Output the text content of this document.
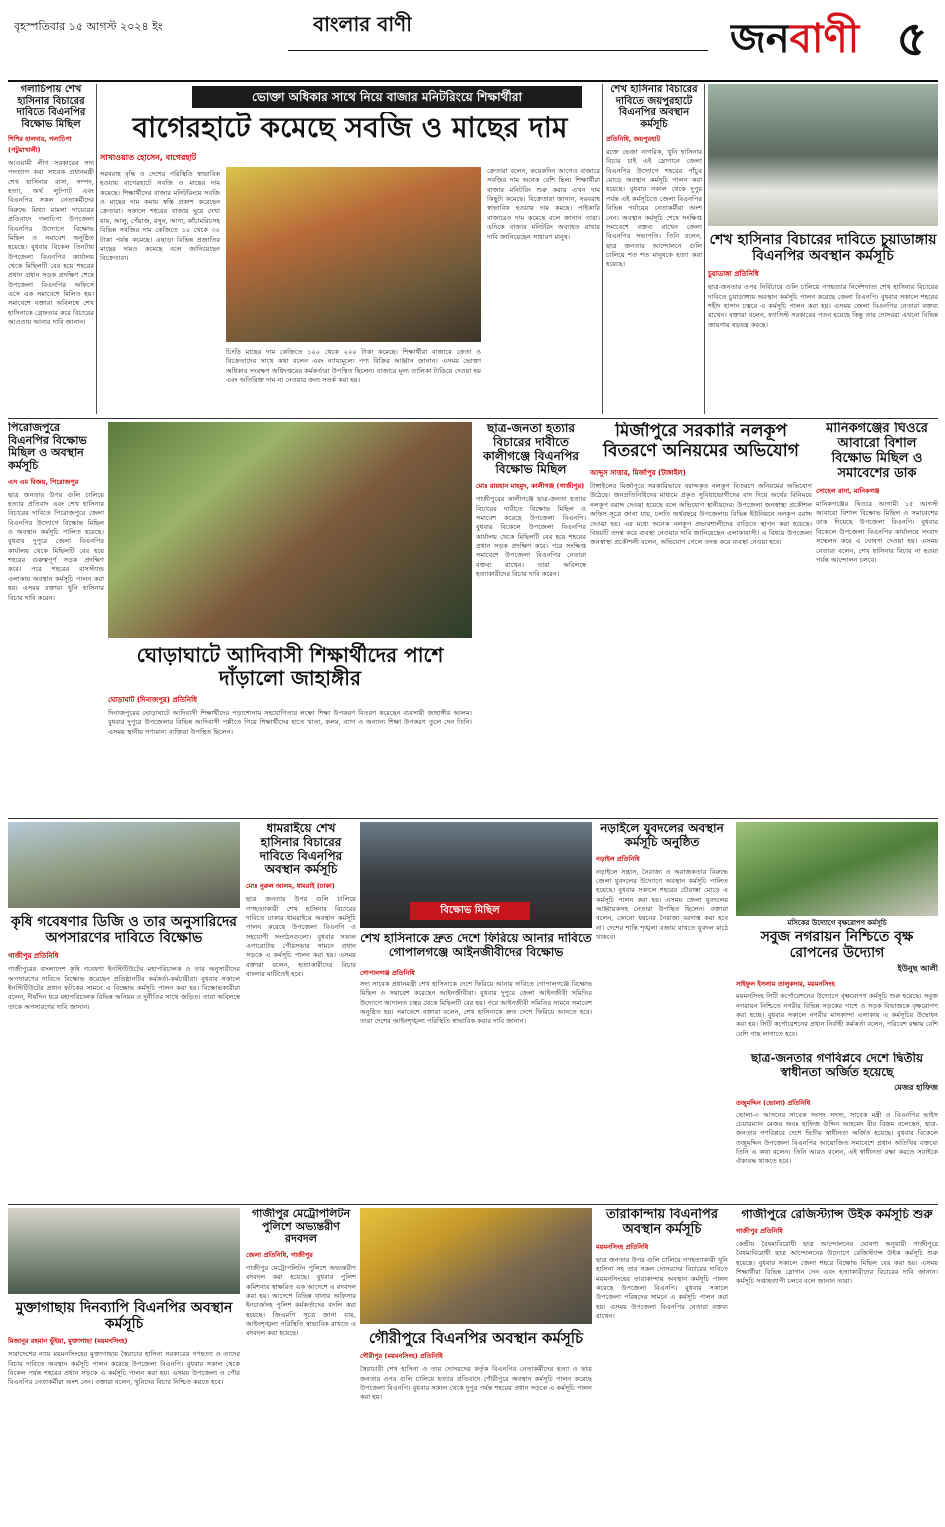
বৃহস্পতিবার ১৫ আগস্ট ২০২৪ ইং	বাংলার বাণী	জনবাণী ৫
গলাচিপায় শেখ হাসিনার বিচারের দাবিতে বিএনপির বিক্ষোভ মিছিল
শিশির হালদার, গলাচিপা (পটুয়াখালী)
আওয়ামী লীগ সরকারের সদ্য পদত্যাগ করা সাবেক প্রধানমন্ত্রী শেখ হাসিনার বাসা, সম্পদ, হত্যা, অর্থ লুটপাট এবং বিএনপির সকল নেতাকর্মীদের বিরুদ্ধে মিথ্যা মামলা দায়েরের প্রতিবাদে গলাচিপা উপজেলা বিএনপির উদ্যোগে বিক্ষোভ মিছিল ও সমাবেশ অনুষ্ঠিত হয়েছে। বুধবার বিকেল তিনটায় উপজেলা বিএনপির কার্যালয় থেকে মিছিলটি বের হয়ে শহরের প্রধান প্রধান সড়ক প্রদক্ষিণ শেষে উপজেলা বিএনপির অফিসে এসে এক সমাবেশে মিলিত হয়। সমাবেশে বক্তারা অবিলম্বে শেখ হাসিনাকে গ্রেফতার করে বিচারের আওতায় আনার দাবি জানান।
ভোক্তা অধিকার সাথে নিয়ে বাজার মনিটরিংয়ে শিক্ষার্থীরা
বাগেরহাটে কমেছে সবজি ও মাছের দাম
সাখাওয়াত হোসেন, বাগেরহাট
সরবরাহ বৃদ্ধি ও দেশের পরিস্থিতি স্বাভাবিক হওয়ায় বাগেরহাটে সবজি ও মাছের দাম কমেছে। শিক্ষার্থীদের বাজার মনিটরিংয়ে সবজি ও মাছের দাম কমায় স্বস্তি প্রকাশ করেছেন ক্রেতারা। সকালে শহরের বাজার ঘুরে দেখা যায়, আলু, পেঁয়াজ, রসুন, আদা, কাঁচামরিচসহ বিভিন্ন সবজির দাম কেজিতে ১০ থেকে ৩০ টাকা পর্যন্ত কমেছে। এছাড়া বিভিন্ন প্রজাতির মাছের দামও কমেছে বলে জানিয়েছেন বিক্রেতারা।
চিংড়ি মাছের দাম কেজিতে ১০০ থেকে ২০০ টাকা কমেছে। শিক্ষার্থীরা বাজারে ক্রেতা ও বিক্রেতাদের সাথে কথা বলেন এবং ন্যায্যমূল্যে পণ্য বিক্রির আহ্বান জানান। এসময় ভোক্তা অধিকার সংরক্ষণ অধিদপ্তরের কর্মকর্তারা উপস্থিত ছিলেন। বাজারে মূল্য তালিকা টাঙিয়ে দেওয়া হয় এবং অতিরিক্ত দাম না নেওয়ার জন্য সতর্ক করা হয়।
ক্রেতারা বলেন, কয়েকদিন আগেও বাজারে সবজির দাম অনেক বেশি ছিল। শিক্ষার্থীরা বাজার মনিটরিং শুরু করায় এখন দাম কিছুটা কমেছে। বিক্রেতারা জানান, সরবরাহ স্বাভাবিক হওয়ায় দাম কমছে। পাইকারি বাজারেও দাম কমেছে বলে জানান তারা। এদিকে বাজার মনিটরিং অব্যাহত রাখার দাবি জানিয়েছেন সাধারণ মানুষ।
শেখ হাসিনার বিচারের দাবিতে জয়পুরহাটে বিএনপির অবস্থান কর্মসূচি
প্রতিনিধি, জয়পুরহাট
রক্তে ভেজা নাগরিক, খুনি হাসিনার বিচার চাই এই স্লোগানে জেলা বিএনপির উদ্যোগে শহরের পাঁচুর মোড়ে অবস্থান কর্মসূচি পালন করা হয়েছে। বুধবার সকাল থেকে দুপুর পর্যন্ত এই কর্মসূচিতে জেলা বিএনপির বিভিন্ন পর্যায়ের নেতাকর্মীরা অংশ নেন। অবস্থান কর্মসূচি শেষে সংক্ষিপ্ত সমাবেশে বক্তব্য রাখেন জেলা বিএনপির সভাপতি। তিনি বলেন, ছাত্র জনতার আন্দোলনে গুলি চালিয়ে শত শত মানুষকে হত্যা করা হয়েছে।
শেখ হাসিনার বিচারের দাবিতে চুয়াডাঙ্গায় বিএনপির অবস্থান কর্মসূচি
চুয়াডাঙ্গা প্রতিনিধি
ছাত্র-জনতার ওপর নির্বিচারে গুলি চালিয়ে গণহত্যার নির্দেশদাতা শেখ হাসিনার বিচারের দাবিতে চুয়াডাঙ্গায় অবস্থান কর্মসূচি পালন করেছে জেলা বিএনপি। বুধবার সকালে শহরের শহীদ হাসান চত্বরে এ কর্মসূচি পালন করা হয়। এসময় জেলা বিএনপির নেতারা বক্তব্য রাখেন। বক্তারা বলেন, ফ্যাসিস্ট সরকারের পতন হয়েছে কিন্তু তার দোসররা এখনো বিভিন্ন জায়গায় ষড়যন্ত্র করছে।
পিরোজপুরে বিএনপির বিক্ষোভ মিছিল ও অবস্থান কর্মসূচি
এস এম বিজয়, পিরোজপুর
ছাত্র জনতার উপর গুলি চালিয়ে হত্যার প্রতিবাদ এবং শেখ হাসিনার বিচারের দাবিতে পিরোজপুরে জেলা বিএনপির উদ্যোগে বিক্ষোভ মিছিল ও অবস্থান কর্মসূচি পালিত হয়েছে। বুধবার দুপুরে জেলা বিএনপির কার্যালয় থেকে মিছিলটি বের হয়ে শহরের গুরুত্বপূর্ণ সড়ক প্রদক্ষিণ করে। পরে শহরের বাসস্ট্যান্ড এলাকায় অবস্থান কর্মসূচি পালন করা হয়। এসময় বক্তারা খুনি হাসিনার বিচার দাবি করেন।
ঘোড়াঘাটে আদিবাসী শিক্ষার্থীদের পাশে দাঁড়ালো জাহাঙ্গীর
ঘোড়াঘাট (দিনাজপুর) প্রতিনিধি
দিনাজপুরের ঘোড়াঘাটে আদিবাসী শিক্ষার্থীদের পড়াশোনায় সহযোগিতার লক্ষ্যে শিক্ষা উপকরণ বিতরণ করেছেন ব্যবসায়ী জাহাঙ্গীর আলম। বুধবার দুপুরে উপজেলার বিভিন্ন আদিবাসী পল্লীতে গিয়ে শিক্ষার্থীদের হাতে খাতা, কলম, ব্যাগ ও অন্যান্য শিক্ষা উপকরণ তুলে দেন তিনি। এসময় স্থানীয় গণ্যমান্য ব্যক্তিরা উপস্থিত ছিলেন।
ছাত্র-জনতা হত্যার বিচারের দাবীতে কালীগঞ্জে বিএনপির বিক্ষোভ মিছিল
মোঃ রায়হান মাহমুদ, কালীগঞ্জ (গাজীপুর)
গাজীপুরের কালীগঞ্জে ছাত্র-জনতা হত্যার বিচারের দাবীতে বিক্ষোভ মিছিল ও সমাবেশ করেছে উপজেলা বিএনপি। বুধবার বিকেলে উপজেলা বিএনপির কার্যালয় থেকে মিছিলটি বের হয়ে শহরের প্রধান সড়ক প্রদক্ষিণ করে। পরে সংক্ষিপ্ত সমাবেশে উপজেলা বিএনপির নেতারা বক্তব্য রাখেন। তারা অবিলম্বে হত্যাকারীদের বিচার দাবি করেন।
মির্জাপুরে সরকারি নলকূপ বিতরণে অনিয়মের অভিযোগ
আব্দুস সাত্তার, মির্জাপুর (টাঙ্গাইল)
টাঙ্গাইলের মির্জাপুরে সরকারিভাবে বরাদ্দকৃত নলকূপ বিতরণে অনিয়মের অভিযোগ উঠেছে। জনপ্রতিনিধিদের মাধ্যমে প্রকৃত সুবিধাভোগীদের বাদ দিয়ে অর্থের বিনিময়ে নলকূপ বরাদ্দ দেওয়া হয়েছে বলে অভিযোগ স্থানীয়দের। উপজেলা জনস্বাস্থ্য প্রকৌশল অফিস সূত্রে জানা যায়, চলতি অর্থবছরে উপজেলায় বিভিন্ন ইউনিয়নে নলকূপ বরাদ্দ দেওয়া হয়। এর মধ্যে অনেক নলকূপ প্রভাবশালীদের বাড়িতে স্থাপন করা হয়েছে। বিষয়টি তদন্ত করে ব্যবস্থা নেওয়ার দাবি জানিয়েছেন এলাকাবাসী। এ বিষয়ে উপজেলা জনস্বাস্থ্য প্রকৌশলী বলেন, অভিযোগ পেলে তদন্ত করে ব্যবস্থা নেওয়া হবে।
মানিকগঞ্জের ঘিওরে আবারো বিশাল বিক্ষোভ মিছিল ও সমাবেশের ডাক
সোহেল রানা, মানিকগঞ্জ
মানিকগঞ্জের ঘিওরে আগামী ১৫ আগস্ট আবারো বিশাল বিক্ষোভ মিছিল ও সমাবেশের ডাক দিয়েছে উপজেলা বিএনপি। বুধবার বিকেলে উপজেলা বিএনপির কার্যালয়ে সংবাদ সম্মেলন করে এ ঘোষণা দেওয়া হয়। এসময় নেতারা বলেন, শেখ হাসিনার বিচার না হওয়া পর্যন্ত আন্দোলন চলবে।
কৃষি গবেষণার ডিজি ও তার অনুসারিদের অপসারণের দাবিতে বিক্ষোভ
গাজীপুর প্রতিনিধি
গাজীপুরের বাংলাদেশ কৃষি গবেষণা ইনস্টিটিউটের মহাপরিচালক ও তার অনুসারীদের অপসারণের দাবিতে বিক্ষোভ করেছেন প্রতিষ্ঠানটির কর্মকর্তা-কর্মচারীরা। বুধবার সকালে ইনস্টিটিউটের প্রধান ফটকের সামনে এ বিক্ষোভ কর্মসূচি পালন করা হয়। বিক্ষোভকারীরা বলেন, দীর্ঘদিন ধরে মহাপরিচালক বিভিন্ন অনিয়ম ও দুর্নীতির সাথে জড়িত। তারা অবিলম্বে তাকে অপসারণের দাবি জানান।
ধামরাইয়ে শেখ হাসিনার বিচারের দাবিতে বিএনপির অবস্থান কর্মসূচি
মোঃ নুরুল আলম, ধামরাই (ঢাকা)
ছাত্র জনতার উপর গুলি চালিয়ে গণহত্যাকারী শেখ হাসিনার বিচারের দাবিতে ঢাকার ধামরাইয়ে অবস্থান কর্মসূচি পালন করেছে উপজেলা বিএনপি ও সহযোগী সংগঠনগুলো। বুধবার সকাল এগারোটায় পৌরসভার সামনে প্রধান সড়কে এ কর্মসূচি পালন করা হয়। এসময় বক্তারা বলেন, হত্যাকারীদের বিচার বাংলার মাটিতেই হবে।
বিক্ষোভ মিছিল
শেখ হাসিনাকে দ্রুত দেশে ফিরিয়ে আনার দাবিতে গোপালগঞ্জে আইনজীবীদের বিক্ষোভ
গোপালগঞ্জ প্রতিনিধি
সদ্য সাবেক প্রধানমন্ত্রী শেখ হাসিনাকে দেশে ফিরিয়ে আনার দাবিতে গোপালগঞ্জে বিক্ষোভ মিছিল ও সমাবেশ করেছেন আইনজীবীরা। বুধবার দুপুরে জেলা আইনজীবী সমিতির উদ্যোগে আদালত চত্বর থেকে মিছিলটি বের হয়। পরে আইনজীবী সমিতির সামনে সমাবেশ অনুষ্ঠিত হয়। সমাবেশে বক্তারা বলেন, শেখ হাসিনাকে দ্রুত দেশে ফিরিয়ে আনতে হবে। তারা দেশের আইনশৃঙ্খলা পরিস্থিতি স্বাভাবিক করার দাবি জানান।
নড়াইলে যুবদলের অবস্থান কর্মসূচি অনুষ্ঠিত
নড়াইল প্রতিনিধি
নড়াইলে সন্ত্রাস, নৈরাজ্য ও অরাজকতার বিরুদ্ধে জেলা যুবদলের উদ্যোগে অবস্থান কর্মসূচি পালিত হয়েছে। বুধবার সকালে শহরের চৌরাস্তা মোড়ে এ কর্মসূচি পালন করা হয়। এসময় জেলা যুবদলের আহ্বায়কসহ নেতারা উপস্থিত ছিলেন। বক্তারা বলেন, কোনো ধরনের নৈরাজ্য বরদাস্ত করা হবে না। দেশের শান্তি শৃঙ্খলা বজায় রাখতে যুবদল মাঠে থাকবে।
মসিকের উদ্যোগে বৃক্ষরোপণ কর্মসূচি
সবুজ নগরায়ন নিশ্চিতে বৃক্ষ রোপনের উদ্যোগ
ইউনুছ আলী
সাইফুল ইসলাম তালুকদার, ময়মনসিংহ
ময়মনসিংহ সিটি কর্পোরেশনের উদ্যোগে বৃক্ষরোপণ কর্মসূচি শুরু হয়েছে। সবুজ নগরায়ন নিশ্চিতে নগরীর বিভিন্ন সড়কের পাশে ও সড়ক বিভাজকে বৃক্ষরোপণ করা হচ্ছে। বুধবার সকালে নগরীর মাসকান্দা এলাকায় এ কর্মসূচির উদ্বোধন করা হয়। সিটি কর্পোরেশনের প্রধান নির্বাহী কর্মকর্তা বলেন, পরিবেশ রক্ষায় বেশি বেশি গাছ লাগাতে হবে।
ছাত্র-জনতার গণবিপ্লবে দেশে দ্বিতীয় স্বাধীনতা অর্জিত হয়েছে
মেজর হাফিজ
তজুমদ্দিন (ভোলা) প্রতিনিধি
ভোলা-৩ আসনের সাবেক সংসদ সদস্য, সাবেক মন্ত্রী ও বিএনপির ভাইস চেয়ারম্যান মেজর অবঃ হাফিজ উদ্দিন আহমেদ বীর বিক্রম বলেছেন, ছাত্র-জনতার গণবিপ্লবে দেশে দ্বিতীয় স্বাধীনতা অর্জিত হয়েছে। বুধবার বিকেলে তজুমদ্দিন উপজেলা বিএনপির আয়োজিত সমাবেশে প্রধান অতিথির বক্তব্যে তিনি এ কথা বলেন। তিনি আরও বলেন, এই স্বাধীনতা রক্ষা করতে সবাইকে ঐক্যবদ্ধ থাকতে হবে।
মুক্তাগাছায় দিনব্যাপি বিএনপির অবস্থান কর্মসূচি
মিজানুর রহমান ভুঁইয়া, মুক্তাগাছা (ময়মনসিংহ)
সারাদেশের ন্যায় ময়মনসিংহের মুক্তাগাছায় স্বৈরাচার হাসিনা সরকারের গণহত্যা ও তাদের বিচার দাবিতে অবস্থান কর্মসূচি পালন করেছে উপজেলা বিএনপি। বুধবার সকাল থেকে বিকেল পর্যন্ত শহরের প্রধান সড়কে এ কর্মসূচি পালন করা হয়। এসময় উপজেলা ও পৌর বিএনপির নেতাকর্মীরা অংশ নেন। বক্তারা বলেন, খুনিদের বিচার নিশ্চিত করতে হবে।
গাজীপুর মেট্রোপলিটন পুলিশে অভ্যন্তরীণ রদবদল
জেলা প্রতিনিধি, গাজীপুর
গাজীপুর মেট্রোপলিটন পুলিশে অভ্যন্তরীণ রদবদল করা হয়েছে। বুধবার পুলিশ কমিশনার স্বাক্ষরিত এক আদেশে এ রদবদল করা হয়। আদেশে বিভিন্ন থানার অফিসার ইনচার্জসহ পুলিশ কর্মকর্তাদের বদলি করা হয়েছে। জিএমপি সূত্রে জানা যায়, আইনশৃঙ্খলা পরিস্থিতি স্বাভাবিক রাখতে এ রদবদল করা হয়েছে।	গৌরীপুরে বিএনপির অবস্থান কর্মসূচি
গৌরীপুর (ময়মনসিংহ) প্রতিনিধি
স্বৈরাচারী শেখ হাসিনা ও তার দোসরদের কর্তৃক বিএনপির নেতাকর্মীদের হত্যা ও ছাত্র জনতার ওপর গুলি চালিয়ে হত্যার প্রতিবাদে গৌরীপুরে অবস্থান কর্মসূচি পালন করেছে উপজেলা বিএনপি। বুধবার সকাল থেকে দুপুর পর্যন্ত শহরের প্রধান সড়কে এ কর্মসূচি পালন করা হয়।
তারাকান্দায় বিএনপির অবস্থান কর্মসূচি
ময়মনসিংহ প্রতিনিধি
ছাত্র জনতার উপর গুলি চালিয়ে গণহত্যাকারী খুনি হাসিনা সহ তার সকল দোসরদের বিচারের দাবিতে ময়মনসিংহের তারাকান্দায় অবস্থান কর্মসূচি পালন করেছে উপজেলা বিএনপি। বুধবার সকালে উপজেলা পরিষদের সামনে এ কর্মসূচি পালন করা হয়। এসময় উপজেলা বিএনপির নেতারা বক্তব্য রাখেন।
গাজীপুরে রেজিস্ট্যান্স উইক কর্মসূচি শুরু
গাজীপুর প্রতিনিধি
কেন্দ্রীয় বৈষম্যবিরোধী ছাত্র আন্দোলনের ঘোষণা অনুযায়ী গাজীপুরে বৈষম্যবিরোধী ছাত্র আন্দোলনের উদ্যোগে রেজিস্ট্যান্স উইক কর্মসূচি শুরু হয়েছে। বুধবার সকালে জেলা শহরে বিক্ষোভ মিছিল বের করা হয়। এসময় শিক্ষার্থীরা বিভিন্ন স্লোগান দেন এবং হত্যাকারীদের বিচারের দাবি জানান। কর্মসূচি সপ্তাহব্যাপী চলবে বলে জানান তারা।
